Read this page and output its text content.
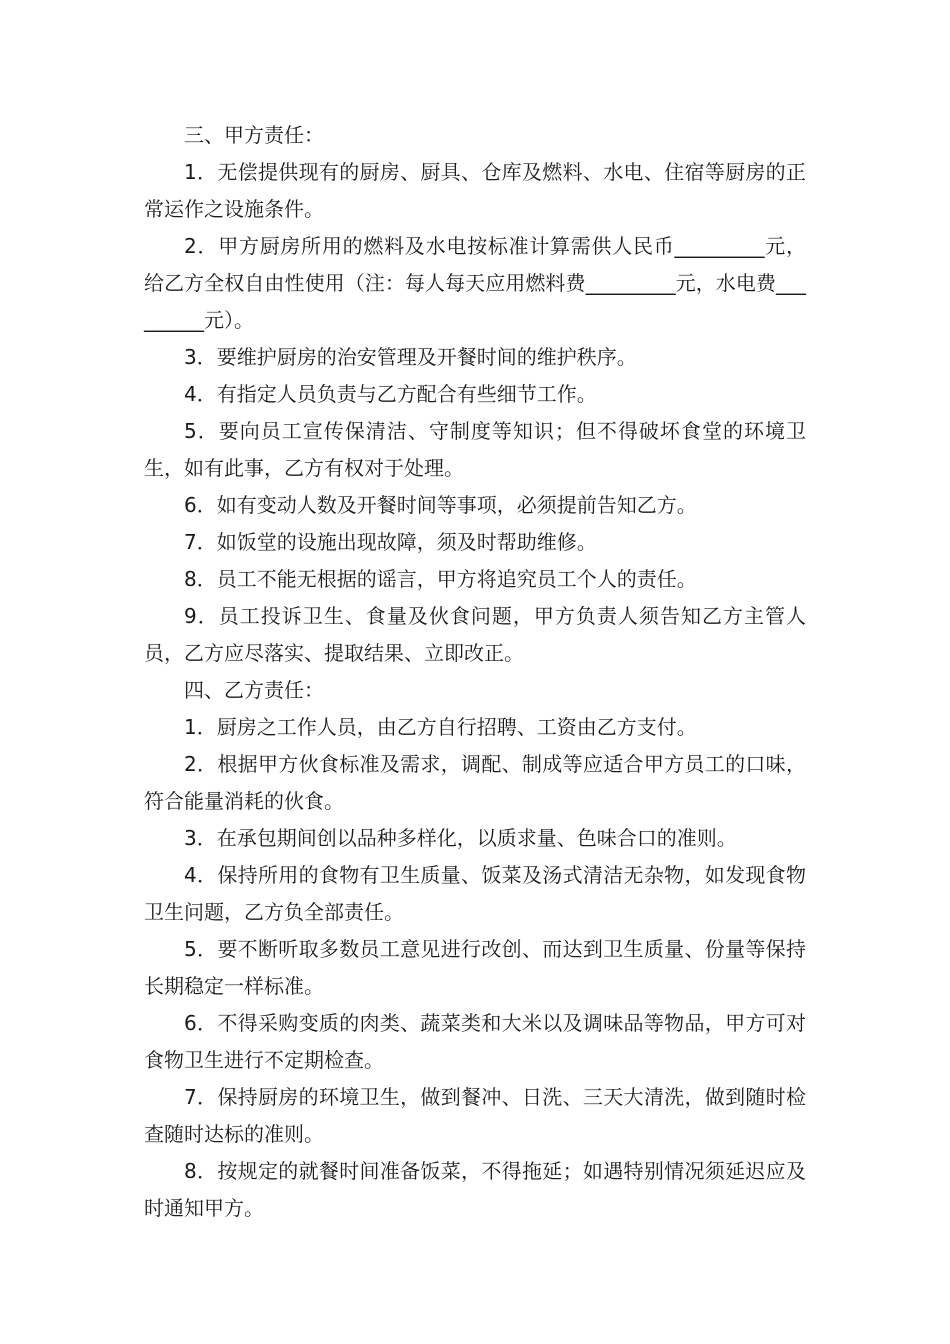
三、甲方责任：

1．无偿提供现有的厨房、厨具、仓库及燃料、水电、住宿等厨房的正常运作之设施条件。

2．甲方厨房所用的燃料及水电按标准计算需供人民币_________元，给乙方全权自由性使用（注：每人每天应用燃料费_________元，水电费_________元）。

3．要维护厨房的治安管理及开餐时间的维护秩序。

4．有指定人员负责与乙方配合有些细节工作。

5．要向员工宣传保清洁、守制度等知识；但不得破坏食堂的环境卫生，如有此事，乙方有权对于处理。

6．如有变动人数及开餐时间等事项，必须提前告知乙方。

7．如饭堂的设施出现故障，须及时帮助维修。

8．员工不能无根据的谣言，甲方将追究员工个人的责任。

9．员工投诉卫生、食量及伙食问题，甲方负责人须告知乙方主管人员，乙方应尽落实、提取结果、立即改正。

四、乙方责任：

1．厨房之工作人员，由乙方自行招聘、工资由乙方支付。

2．根据甲方伙食标准及需求，调配、制成等应适合甲方员工的口味，符合能量消耗的伙食。

3．在承包期间创以品种多样化，以质求量、色味合口的准则。

4．保持所用的食物有卫生质量、饭菜及汤式清洁无杂物，如发现食物卫生问题，乙方负全部责任。

5．要不断听取多数员工意见进行改创、而达到卫生质量、份量等保持长期稳定一样标准。

6．不得采购变质的肉类、蔬菜类和大米以及调味品等物品，甲方可对食物卫生进行不定期检查。

7．保持厨房的环境卫生，做到餐冲、日洗、三天大清洗，做到随时检查随时达标的准则。

8．按规定的就餐时间准备饭菜，不得拖延；如遇特别情况须延迟应及时通知甲方。
